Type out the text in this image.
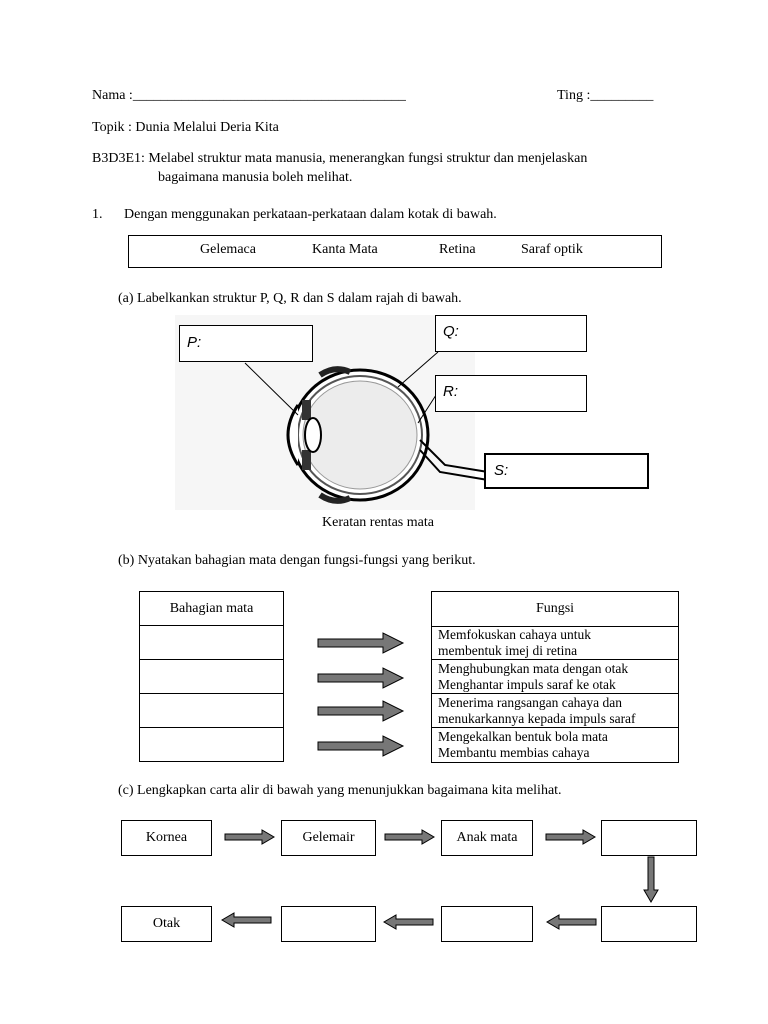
Nama :_______________________________________	Ting :_________
Topik : Dunia Melalui Deria Kita
B3D3E1: Melabel struktur mata manusia, menerangkan fungsi struktur dan menjelaskan
bagaimana manusia boleh melihat.
1. Dengan menggunakan perkataan-perkataan dalam kotak di bawah.
Gelemaca	Kanta Mata	Retina	Saraf optik
(a) Labelkankan struktur P, Q, R dan S dalam rajah di bawah.
P:
Q:
R:
S:
Keratan rentas mata
(b) Nyatakan bahagian mata dengan fungsi-fungsi yang berikut.
Bahagian mata	Fungsi
Memfokuskan cahaya untuk
membentuk imej di retina
Menghubungkan mata dengan otak
Menghantar impuls saraf ke otak
Menerima rangsangan cahaya dan
menukarkannya kepada impuls saraf
Mengekalkan bentuk bola mata
Membantu membias cahaya
(c) Lengkapkan carta alir di bawah yang menunjukkan bagaimana kita melihat.
Kornea	Gelemair	Anak mata
Otak
